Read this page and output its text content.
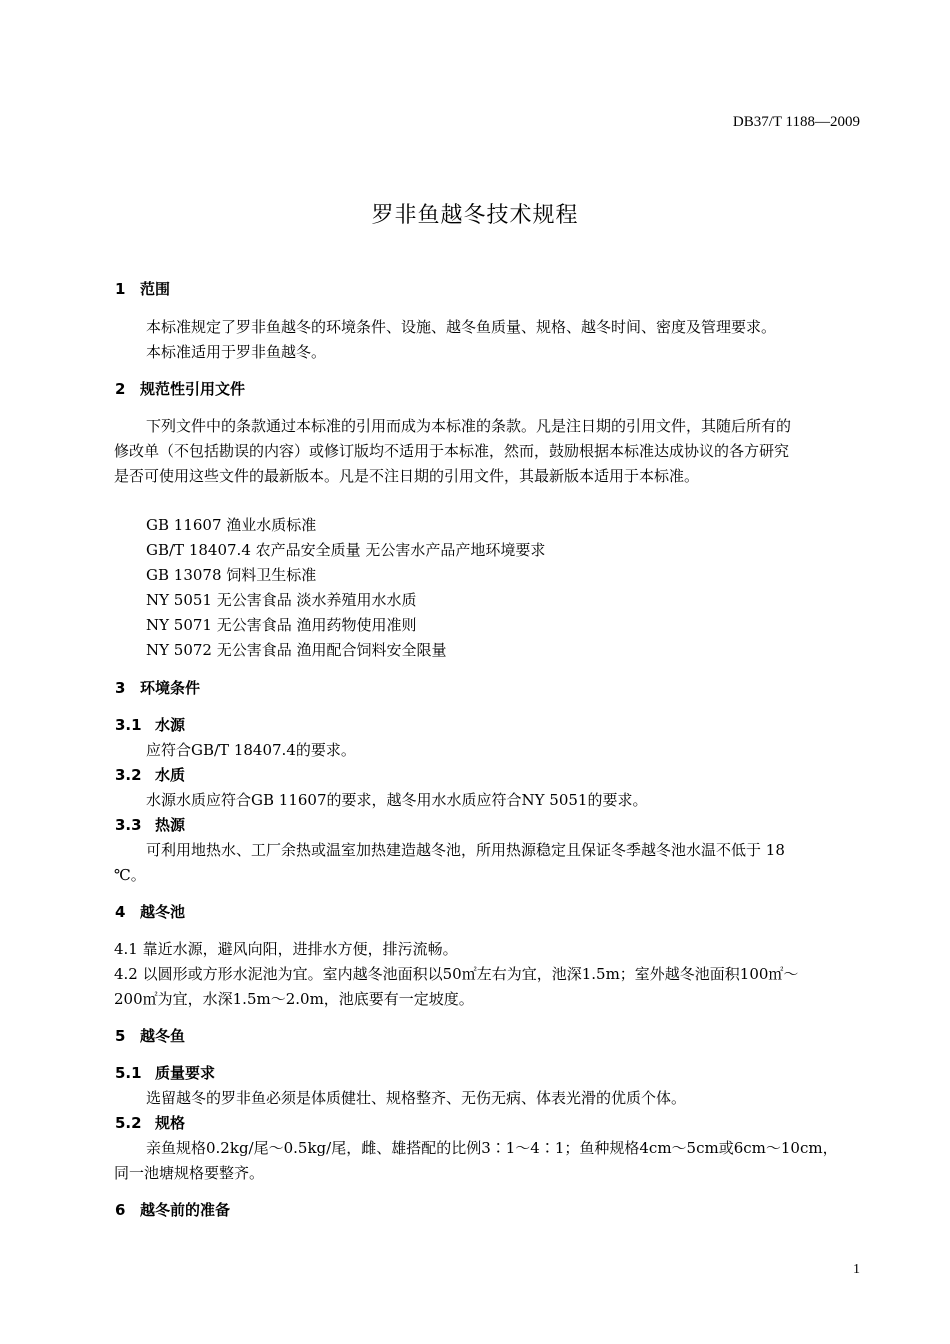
DB37/T 1188—2009
罗非鱼越冬技术规程
1 范围
本标准规定了罗非鱼越冬的环境条件、设施、越冬鱼质量、规格、越冬时间、密度及管理要求。
本标准适用于罗非鱼越冬。
2 规范性引用文件
下列文件中的条款通过本标准的引用而成为本标准的条款。凡是注日期的引用文件，其随后所有的
修改单（不包括勘误的内容）或修订版均不适用于本标准，然而，鼓励根据本标准达成协议的各方研究
是否可使用这些文件的最新版本。凡是不注日期的引用文件，其最新版本适用于本标准。
GB 11607 渔业水质标准
GB/T 18407.4 农产品安全质量 无公害水产品产地环境要求
GB 13078 饲料卫生标准
NY 5051 无公害食品 淡水养殖用水水质
NY 5071 无公害食品 渔用药物使用准则
NY 5072 无公害食品 渔用配合饲料安全限量
3 环境条件
3.1 水源
应符合GB/T 18407.4的要求。
3.2 水质
水源水质应符合GB 11607的要求，越冬用水水质应符合NY 5051的要求。
3.3 热源
可利用地热水、工厂余热或温室加热建造越冬池，所用热源稳定且保证冬季越冬池水温不低于 18
℃。
4 越冬池
4.1 靠近水源，避风向阳，进排水方便，排污流畅。
4.2 以圆形或方形水泥池为宜。室内越冬池面积以50㎡左右为宜，池深1.5m；室外越冬池面积100㎡～
200㎡为宜，水深1.5m～2.0m，池底要有一定坡度。
5 越冬鱼
5.1 质量要求
选留越冬的罗非鱼必须是体质健壮、规格整齐、无伤无病、体表光滑的优质个体。
5.2 规格
亲鱼规格0.2kg/尾～0.5kg/尾，雌、雄搭配的比例3∶1～4∶1；鱼种规格4cm～5cm或6cm～10cm，
同一池塘规格要整齐。
6 越冬前的准备
1
